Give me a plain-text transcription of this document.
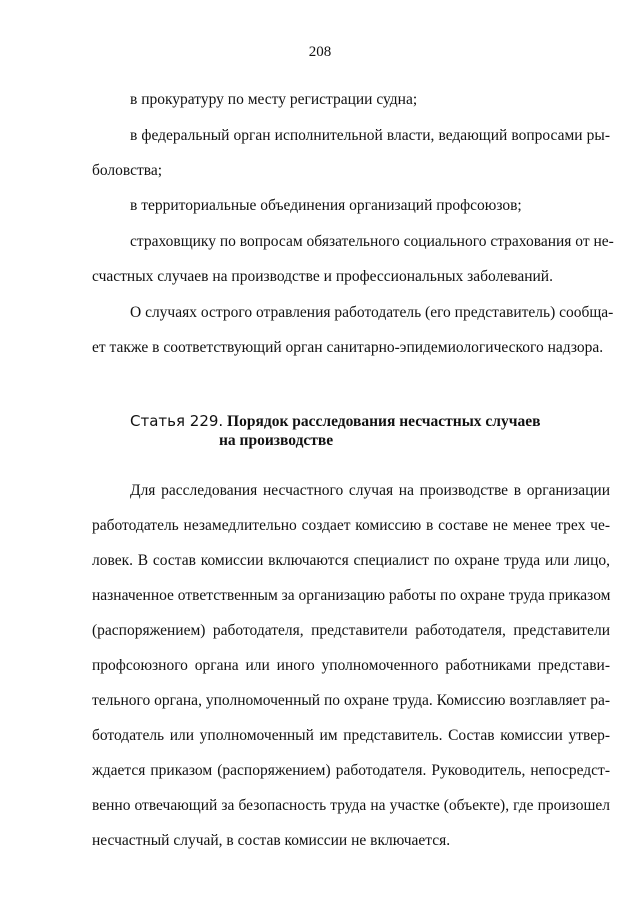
208
в прокуратуру по месту регистрации судна;
в федеральный орган исполнительной власти, ведающий вопросами ры-
боловства;
в территориальные объединения организаций профсоюзов;
страховщику по вопросам обязательного социального страхования от не-
счастных случаев на производстве и профессиональных заболеваний.
О случаях острого отравления работодатель (его представитель) сообща-
ет также в соответствующий орган санитарно-эпидемиологического надзора.
Статья 229. Порядок расследования несчастных случаев
на производстве
Для расследования несчастного случая на производстве в организации
работодатель незамедлительно создает комиссию в составе не менее трех че-
ловек. В состав комиссии включаются специалист по охране труда или лицо,
назначенное ответственным за организацию работы по охране труда приказом
(распоряжением) работодателя, представители работодателя, представители
профсоюзного органа или иного уполномоченного работниками представи-
тельного органа, уполномоченный по охране труда. Комиссию возглавляет ра-
ботодатель или уполномоченный им представитель. Состав комиссии утвер-
ждается приказом (распоряжением) работодателя. Руководитель, непосредст-
венно отвечающий за безопасность труда на участке (объекте), где произошел
несчастный случай, в состав комиссии не включается.
